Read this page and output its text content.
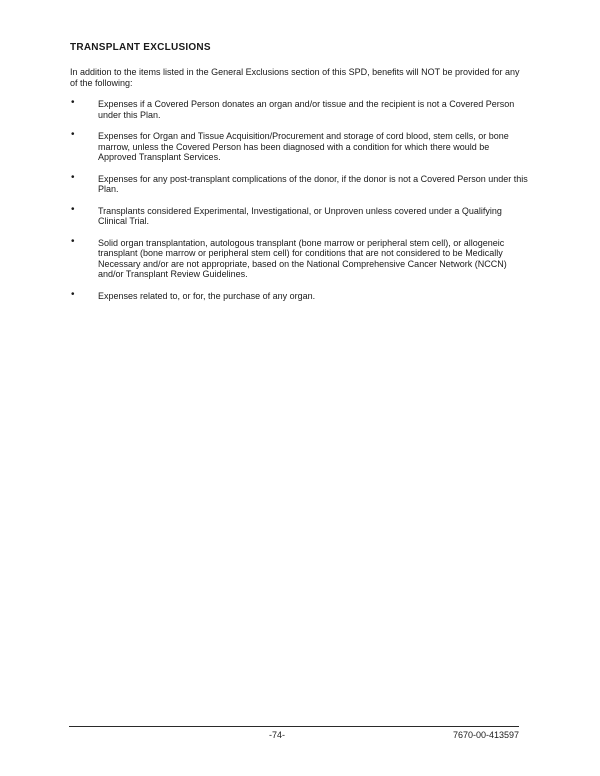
TRANSPLANT EXCLUSIONS

In addition to the items listed in the General Exclusions section of this SPD, benefits will NOT be provided for any of the following:

•	Expenses if a Covered Person donates an organ and/or tissue and the recipient is not a Covered Person under this Plan.
•	Expenses for Organ and Tissue Acquisition/Procurement and storage of cord blood, stem cells, or bone marrow, unless the Covered Person has been diagnosed with a condition for which there would be Approved Transplant Services.
•	Expenses for any post-transplant complications of the donor, if the donor is not a Covered Person under this Plan.
•	Transplants considered Experimental, Investigational, or Unproven unless covered under a Qualifying Clinical Trial.
•	Solid organ transplantation, autologous transplant (bone marrow or peripheral stem cell), or allogeneic transplant (bone marrow or peripheral stem cell) for conditions that are not considered to be Medically Necessary and/or are not appropriate, based on the National Comprehensive Cancer Network (NCCN) and/or Transplant Review Guidelines.
•	Expenses related to, or for, the purchase of any organ.
-74-	7670-00-413597
